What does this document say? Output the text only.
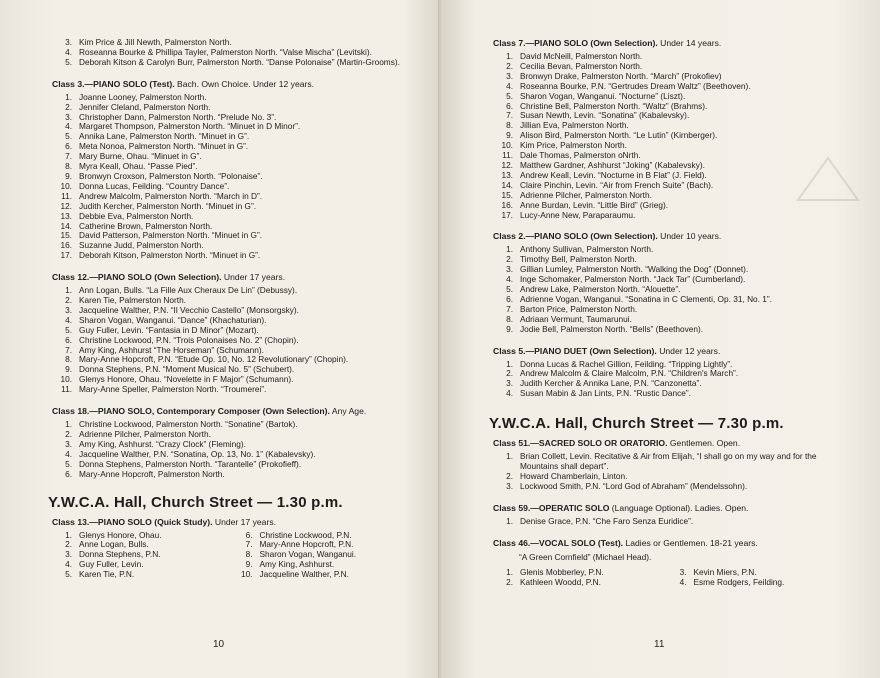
3. Kim Price & Jill Newth, Palmerston North.
4. Roseanna Bourke & Phillipa Tayler, Palmerston North. “Valse Mischa” (Levitski).
5. Deborah Kitson & Carolyn Burr, Palmerston North. “Danse Polonaise” (Martin-Grooms).
Class 3.—PIANO SOLO (Test). Bach. Own Choice. Under 12 years.
1. Joanne Looney, Palmerston North.
2. Jennifer Cleland, Palmerston North.
3. Christopher Dann, Palmerston North. “Prelude No. 3”.
4. Margaret Thompson, Palmerston North. “Minuet in D Minor”.
5. Annika Lane, Palmerston North. “Minuet in G”.
6. Meta Nonoa, Palmerston North. “Minuet in G”.
7. Mary Burne, Ohau. “Minuet in G”.
8. Myra Keall, Ohau. “Passe Pied”.
9. Bronwyn Croxson, Palmerston North. “Polonaise”.
10. Donna Lucas, Feilding. “Country Dance”.
11. Andrew Malcolm, Palmerston North. “March in D”.
12. Judith Kercher, Palmerston North. “Minuet in G”.
13. Debbie Eva, Palmerston North.
14. Catherine Brown, Palmerston North.
15. David Patterson, Palmerston North. “Minuet in G”.
16. Suzanne Judd, Palmerston North.
17. Deborah Kitson, Palmerston North. “Minuet in G”.
Class 12.—PIANO SOLO (Own Selection). Under 17 years.
1. Ann Logan, Bulls. “La Fille Aux Cheraux De Lin” (Debussy).
2. Karen Tie, Palmerston North.
3. Jacqueline Walther, P.N. “Il Vecchio Castello” (Monsorgsky).
4. Sharon Vogan, Wanganui. “Dance” (Khachaturian).
5. Guy Fuller, Levin. “Fantasia in D Minor” (Mozart).
6. Christine Lockwood, P.N. “Trois Polonaises No. 2” (Chopin).
7. Amy King, Ashhurst “The Horseman” (Schumann).
8. Mary-Anne Hopcroft, P.N. “Etude Op. 10, No. 12 Revolutionary” (Chopin).
9. Donna Stephens, P.N. “Moment Musical No. 5” (Schubert).
10. Glenys Honore, Ohau. “Novelette in F Major” (Schumann).
11. Mary-Anne Speller, Palmerston North. “Troumerei”.
Class 18.—PIANO SOLO, Contemporary Composer (Own Selection). Any Age.
1. Christine Lockwood, Palmerston North. “Sonatine” (Bartok).
2. Adrienne Pilcher, Palmerston North.
3. Amy King, Ashhurst. “Crazy Clock” (Fleming).
4. Jacqueline Walther, P.N. “Sonatina, Op. 13, No. 1” (Kabalevsky).
5. Donna Stephens, Palmerston North. “Tarantelle” (Prokofieff).
6. Mary-Anne Hopcroft, Palmerston North.
Y.W.C.A. Hall, Church Street — 1.30 p.m.
Class 13.—PIANO SOLO (Quick Study). Under 17 years.
1. Glenys Honore, Ohau.
2. Anne Logan, Bulls.
3. Donna Stephens, P.N.
4. Guy Fuller, Levin.
5. Karen Tie, P.N.
6. Christine Lockwood, P.N.
7. Mary-Anne Hopcroft, P.N.
8. Sharon Vogan, Wanganui.
9. Amy King, Ashhurst.
10. Jacqueline Walther, P.N.
10
Class 7.—PIANO SOLO (Own Selection). Under 14 years.
1. David McNeill, Palmerston North.
2. Cecilia Bevan, Palmerston North.
3. Bronwyn Drake, Palmerston North. “March” (Prokofiev)
4. Roseanna Bourke, P.N. “Gertrudes Dream Waltz” (Beethoven).
5. Sharon Vogan, Wanganui. “Nocturne” (Liszt).
6. Christine Bell, Palmerston North. “Waltz” (Brahms).
7. Susan Newth, Levin. “Sonatina” (Kabalevsky).
8. Jillian Eva, Palmerston North.
9. Alison Bird, Palmerston North. “Le Lutin” (Kirnberger).
10. Kim Price, Palmerston North.
11. Dale Thomas, Palmerston oNrth.
12. Matthew Gardner, Ashhurst “Joking” (Kabalevsky).
13. Andrew Keall, Levin. “Nocturne in B Flat” (J. Field).
14. Claire Pinchin, Levin. “Air from French Suite” (Bach).
15. Adrienne Pilcher, Palmerston North.
16. Anne Burdan, Levin. “Little Bird” (Grieg).
17. Lucy-Anne New, Paraparaumu.
Class 2.—PIANO SOLO (Own Selection). Under 10 years.
1. Anthony Sullivan, Palmerston North.
2. Timothy Bell, Palmerston North.
3. Gillian Lumley, Palmerston North. “Walking the Dog” (Donnet).
4. Inge Schomaker, Palmerston North. “Jack Tar” (Cumberland).
5. Andrew Lake, Palmerston North. “Alouette”.
6. Adrienne Vogan, Wanganui. “Sonatina in C Clementi, Op. 31, No. 1”.
7. Barton Price, Palmerston North.
8. Adriaan Vermunt, Taumarunui.
9. Jodie Bell, Palmerston North. “Bells” (Beethoven).
Class 5.—PIANO DUET (Own Selection). Under 12 years.
1. Donna Lucas & Rachel Gillion, Feilding. “Tripping Lightly”.
2. Andrew Malcolm & Claire Malcolm, P.N. “Children's March”.
3. Judith Kercher & Annika Lane, P.N. “Canzonetta”.
4. Susan Mabin & Jan Lints, P.N. “Rustic Dance”.
Y.W.C.A. Hall, Church Street — 7.30 p.m.
Class 51.—SACRED SOLO OR ORATORIO. Gentlemen. Open.
1. Brian Collett, Levin. Recitative & Air from Elijah, “I shall go on my way and for the Mountains shall depart”.
2. Howard Chamberlain, Linton.
3. Lockwood Smith, P.N. “Lord God of Abraham” (Mendelssohn).
Class 59.—OPERATIC SOLO (Language Optional). Ladies. Open.
1. Denise Grace, P.N. “Che Faro Senza Euridice”.
Class 46.—VOCAL SOLO (Test). Ladies or Gentlemen. 18-21 years.
“A Green Cornfield” (Michael Head).
1. Glenis Mobberley, P.N.
2. Kathleen Woodd, P.N.
3. Kevin Miers, P.N.
4. Esme Rodgers, Feilding.
11
